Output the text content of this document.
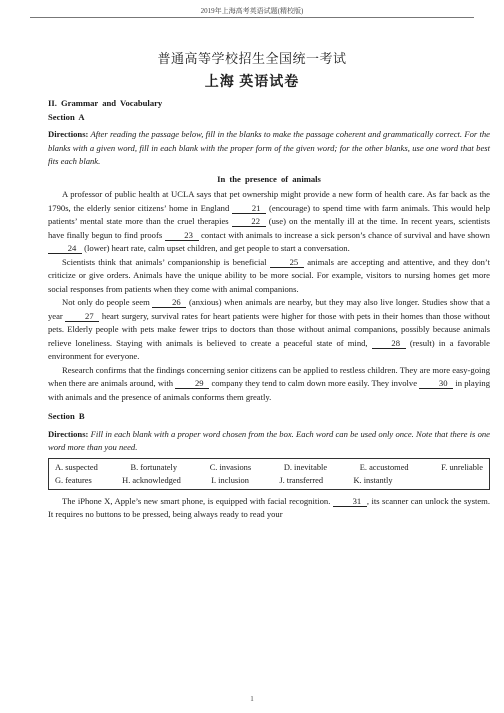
2019年上海高考英语试题(精校版)
普通高等学校招生全国统一考试
上海 英语试卷

II. Grammar and Vocabulary

Section A

Directions: After reading the passage below, fill in the blanks to make the passage coherent and grammatically correct. For the blanks with a given word, fill in each blank with the proper form of the given word; for the other blanks, use one word that best fits each blank.

In the presence of animals

A professor of public health at UCLA says that pet ownership might provide a new form of health care. As far back as the 1790s, the elderly senior citizens’ home in England 21 (encourage) to spend time with farm animals. This would help patients’ mental state more than the cruel therapies 22 (use) on the mentally ill at the time. In recent years, scientists have finally begun to find proofs 23 contact with animals to increase a sick person’s chance of survival and have shown 24 (lower) heart rate, calm upset children, and get people to start a conversation.

Scientists think that animals’ companionship is beneficial 25 animals are accepting and attentive, and they don’t criticize or give orders. Animals have the unique ability to be more social. For example, visitors to nursing homes get more social responses from patients when they come with animal companions.

Not only do people seem 26 (anxious) when animals are nearby, but they may also live longer. Studies show that a year 27 heart surgery, survival rates for heart patients were higher for those with pets in their homes than those without pets. Elderly people with pets make fewer trips to doctors than those without animal companions, possibly because animals relieve loneliness. Staying with animals is believed to create a peaceful state of mind, 28 (result) in a favorable environment for everyone.

Research confirms that the findings concerning senior citizens can be applied to restless children. They are more easy-going when there are animals around, with 29 company they tend to calm down more easily. They involve 30 in playing with animals and the presence of animals conforms them greatly.

Section B

Directions: Fill in each blank with a proper word chosen from the box. Each word can be used only once. Note that there is one word more than you need.

A. suspected	B. fortunately	C. invasions	D. inevitable	E. accustomed	F. unreliable
G. features	H. acknowledged	I. inclusion	J. transferred	K. instantly

The iPhone X, Apple’s new smart phone, is equipped with facial recognition. 31 , its scanner can unlock the system. It requires no buttons to be pressed, being always ready to read your

1
